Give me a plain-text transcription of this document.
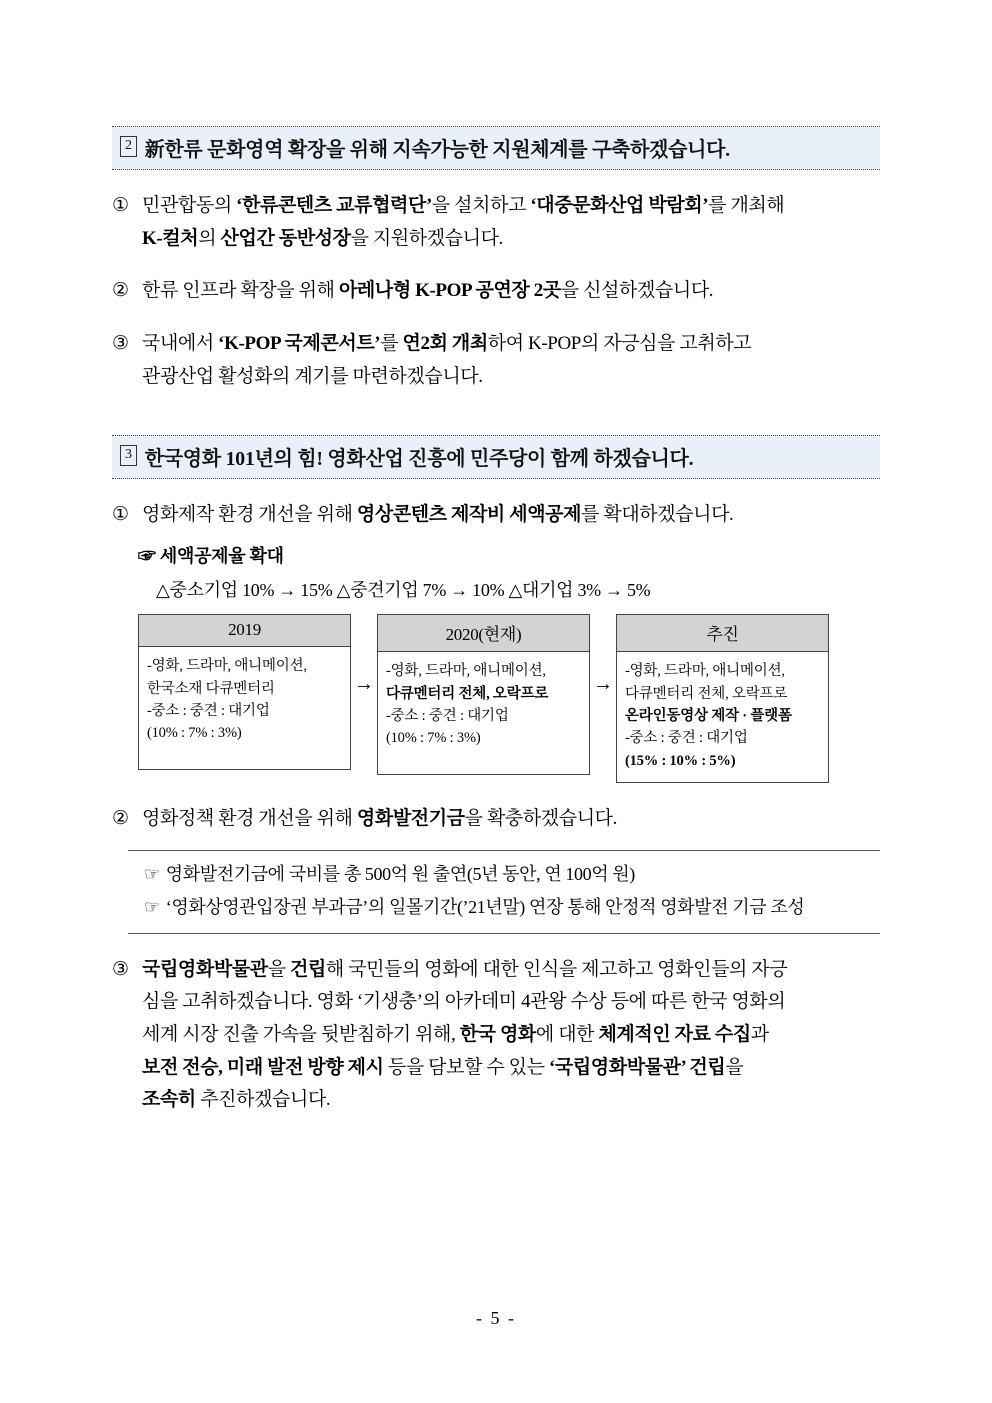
2 新한류 문화영역 확장을 위해 지속가능한 지원체계를 구축하겠습니다.
① 민관합동의 ‘한류콘텐츠 교류협력단’을 설치하고 ‘대중문화산업 박람회’를 개최해
K-컬처의 산업간 동반성장을 지원하겠습니다.
② 한류 인프라 확장을 위해 아레나형 K-POP 공연장 2곳을 신설하겠습니다.
③ 국내에서 ‘K-POP 국제콘서트’를 연2회 개최하여 K-POP의 자긍심을 고취하고
관광산업 활성화의 계기를 마련하겠습니다.
3 한국영화 101년의 힘! 영화산업 진흥에 민주당이 함께 하겠습니다.
① 영화제작 환경 개선을 위해 영상콘텐츠 제작비 세액공제를 확대하겠습니다.
☞ 세액공제율 확대
△중소기업 10% → 15% △중견기업 7% → 10% △대기업 3% → 5%
2019
-영화, 드라마, 애니메이션,
한국소재 다큐멘터리
-중소 : 중견 : 대기업
(10% : 7% : 3%)
→
2020(현재)
-영화, 드라마, 애니메이션,
다큐멘터리 전체, 오락프로
-중소 : 중견 : 대기업
(10% : 7% : 3%)
→
추진
-영화, 드라마, 애니메이션,
다큐멘터리 전체, 오락프로
온라인동영상 제작 · 플랫폼
-중소 : 중견 : 대기업
(15% : 10% : 5%)
② 영화정책 환경 개선을 위해 영화발전기금을 확충하겠습니다.
☞ 영화발전기금에 국비를 총 500억 원 출연(5년 동안, 연 100억 원)
☞ ‘영화상영관입장권 부과금’의 일몰기간(’21년말) 연장 통해 안정적 영화발전 기금 조성
③ 국립영화박물관을 건립해 국민들의 영화에 대한 인식을 제고하고 영화인들의 자긍
심을 고취하겠습니다. 영화 ‘기생충’의 아카데미 4관왕 수상 등에 따른 한국 영화의
세계 시장 진출 가속을 뒷받침하기 위해, 한국 영화에 대한 체계적인 자료 수집과
보전 전승, 미래 발전 방향 제시 등을 담보할 수 있는 ‘국립영화박물관’ 건립을
조속히 추진하겠습니다.
- 5 -
